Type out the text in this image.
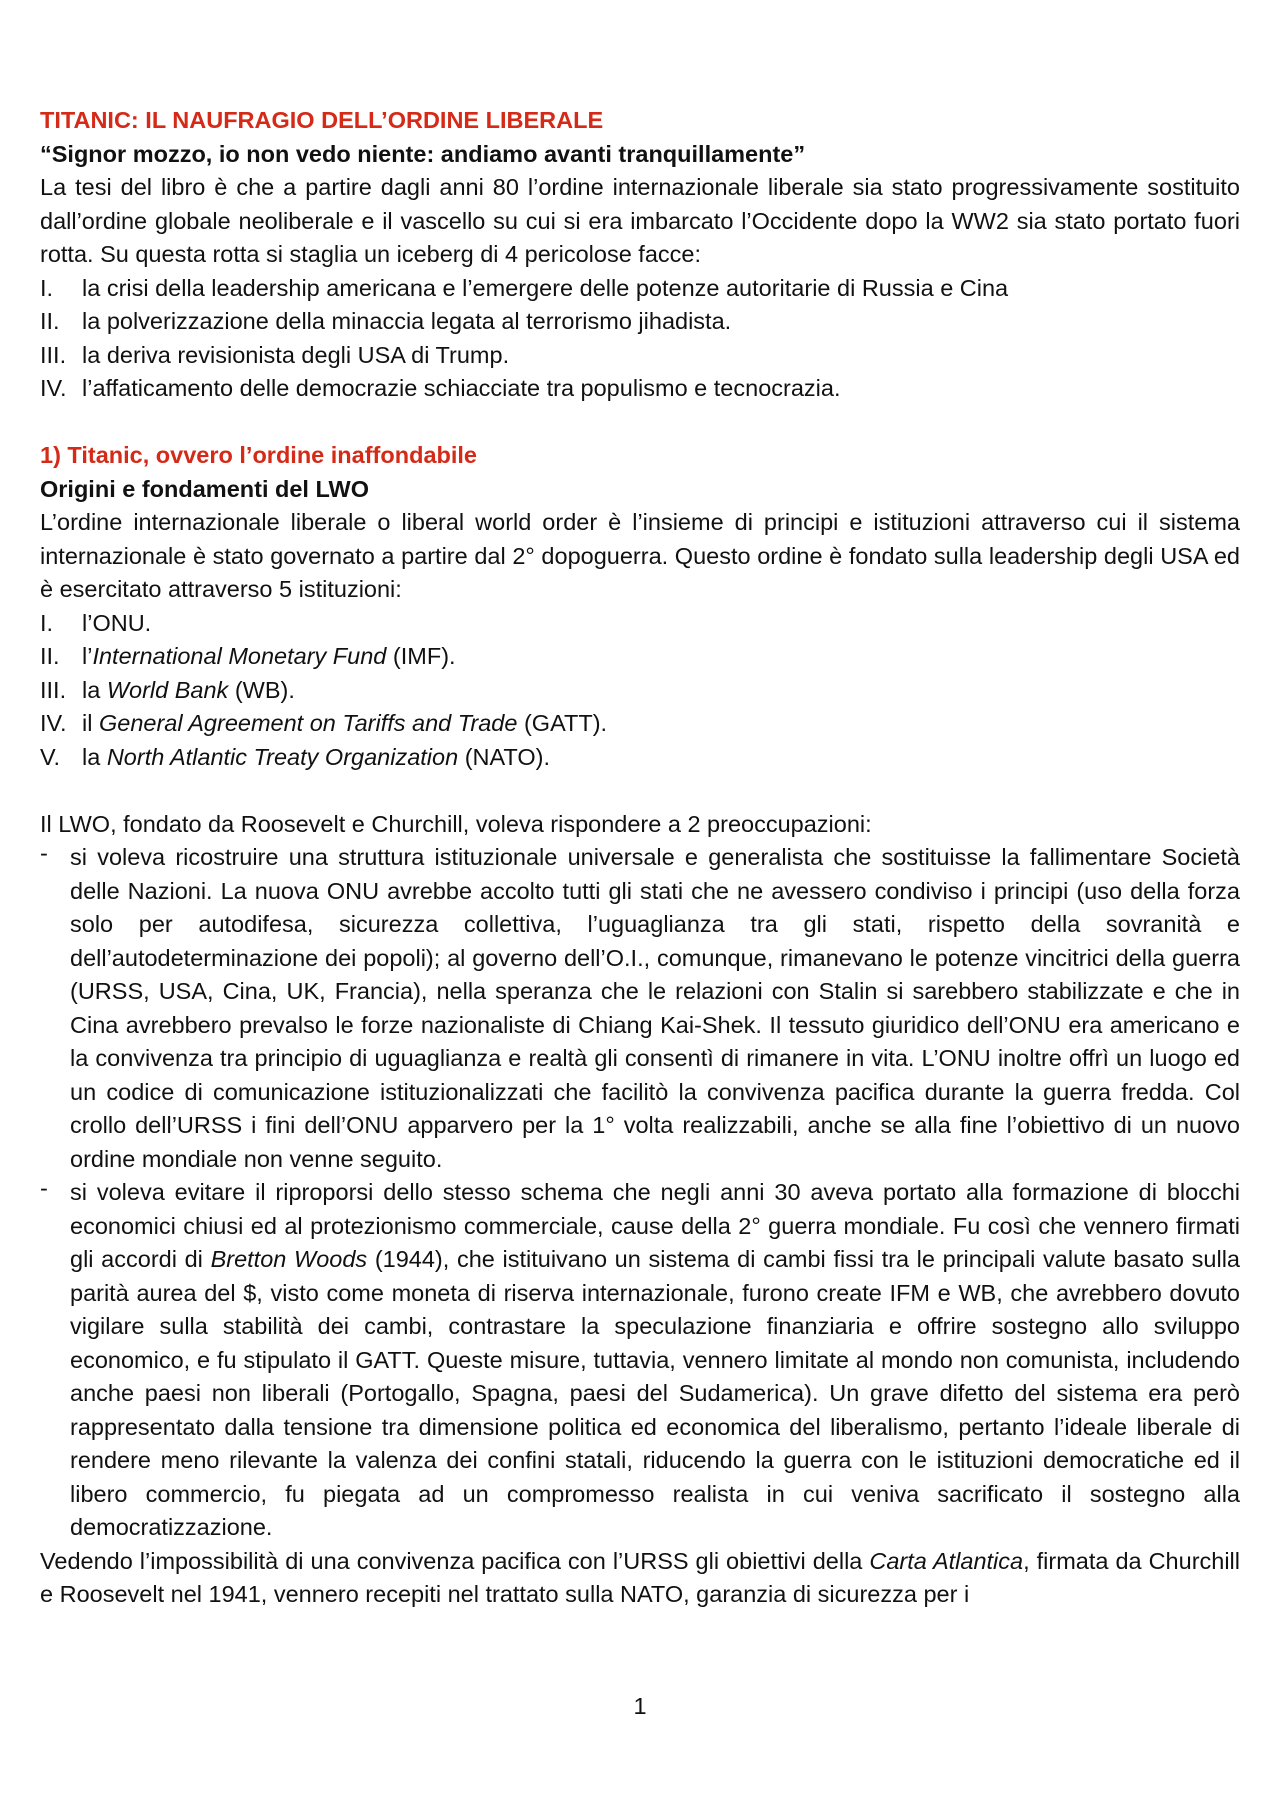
TITANIC: IL NAUFRAGIO DELL’ORDINE LIBERALE
“Signor mozzo, io non vedo niente: andiamo avanti tranquillamente”

La tesi del libro è che a partire dagli anni 80 l’ordine internazionale liberale sia stato progressivamente sostituito dall’ordine globale neoliberale e il vascello su cui si era imbarcato l’Occidente dopo la WW2 sia stato portato fuori rotta. Su questa rotta si staglia un iceberg di 4 pericolose facce:

I. la crisi della leadership americana e l’emergere delle potenze autoritarie di Russia e Cina
II. la polverizzazione della minaccia legata al terrorismo jihadista.
III. la deriva revisionista degli USA di Trump.
IV. l’affaticamento delle democrazie schiacciate tra populismo e tecnocrazia.
1) Titanic, ovvero l’ordine inaffondabile
Origini e fondamenti del LWO

L’ordine internazionale liberale o liberal world order è l’insieme di principi e istituzioni attraverso cui il sistema internazionale è stato governato a partire dal 2° dopoguerra. Questo ordine è fondato sulla leadership degli USA ed è esercitato attraverso 5 istituzioni:

I. l’ONU.
II. l’International Monetary Fund (IMF).
III. la World Bank (WB).
IV. il General Agreement on Tariffs and Trade (GATT).
V. la North Atlantic Treaty Organization (NATO).

Il LWO, fondato da Roosevelt e Churchill, voleva rispondere a 2 preoccupazioni:

- si voleva ricostruire una struttura istituzionale universale e generalista che sostituisse la fallimentare Società delle Nazioni. La nuova ONU avrebbe accolto tutti gli stati che ne avessero condiviso i principi (uso della forza solo per autodifesa, sicurezza collettiva, l’uguaglianza tra gli stati, rispetto della sovranità e dell’autodeterminazione dei popoli); al governo dell’O.I., comunque, rimanevano le potenze vincitrici della guerra (URSS, USA, Cina, UK, Francia), nella speranza che le relazioni con Stalin si sarebbero stabilizzate e che in Cina avrebbero prevalso le forze nazionaliste di Chiang Kai-Shek. Il tessuto giuridico dell’ONU era americano e la convivenza tra principio di uguaglianza e realtà gli consentì di rimanere in vita. L’ONU inoltre offrì un luogo ed un codice di comunicazione istituzionalizzati che facilitò la convivenza pacifica durante la guerra fredda. Col crollo dell’URSS i fini dell’ONU apparvero per la 1° volta realizzabili, anche se alla fine l’obiettivo di un nuovo ordine mondiale non venne seguito.
- si voleva evitare il riproporsi dello stesso schema che negli anni 30 aveva portato alla formazione di blocchi economici chiusi ed al protezionismo commerciale, cause della 2° guerra mondiale. Fu così che vennero firmati gli accordi di Bretton Woods (1944), che istituivano un sistema di cambi fissi tra le principali valute basato sulla parità aurea del $, visto come moneta di riserva internazionale, furono create IFM e WB, che avrebbero dovuto vigilare sulla stabilità dei cambi, contrastare la speculazione finanziaria e offrire sostegno allo sviluppo economico, e fu stipulato il GATT. Queste misure, tuttavia, vennero limitate al mondo non comunista, includendo anche paesi non liberali (Portogallo, Spagna, paesi del Sudamerica). Un grave difetto del sistema era però rappresentato dalla tensione tra dimensione politica ed economica del liberalismo, pertanto l’ideale liberale di rendere meno rilevante la valenza dei confini statali, riducendo la guerra con le istituzioni democratiche ed il libero commercio, fu piegata ad un compromesso realista in cui veniva sacrificato il sostegno alla democratizzazione.

Vedendo l’impossibilità di una convivenza pacifica con l’URSS gli obiettivi della Carta Atlantica, firmata da Churchill e Roosevelt nel 1941, vennero recepiti nel trattato sulla NATO, garanzia di sicurezza per i

1
